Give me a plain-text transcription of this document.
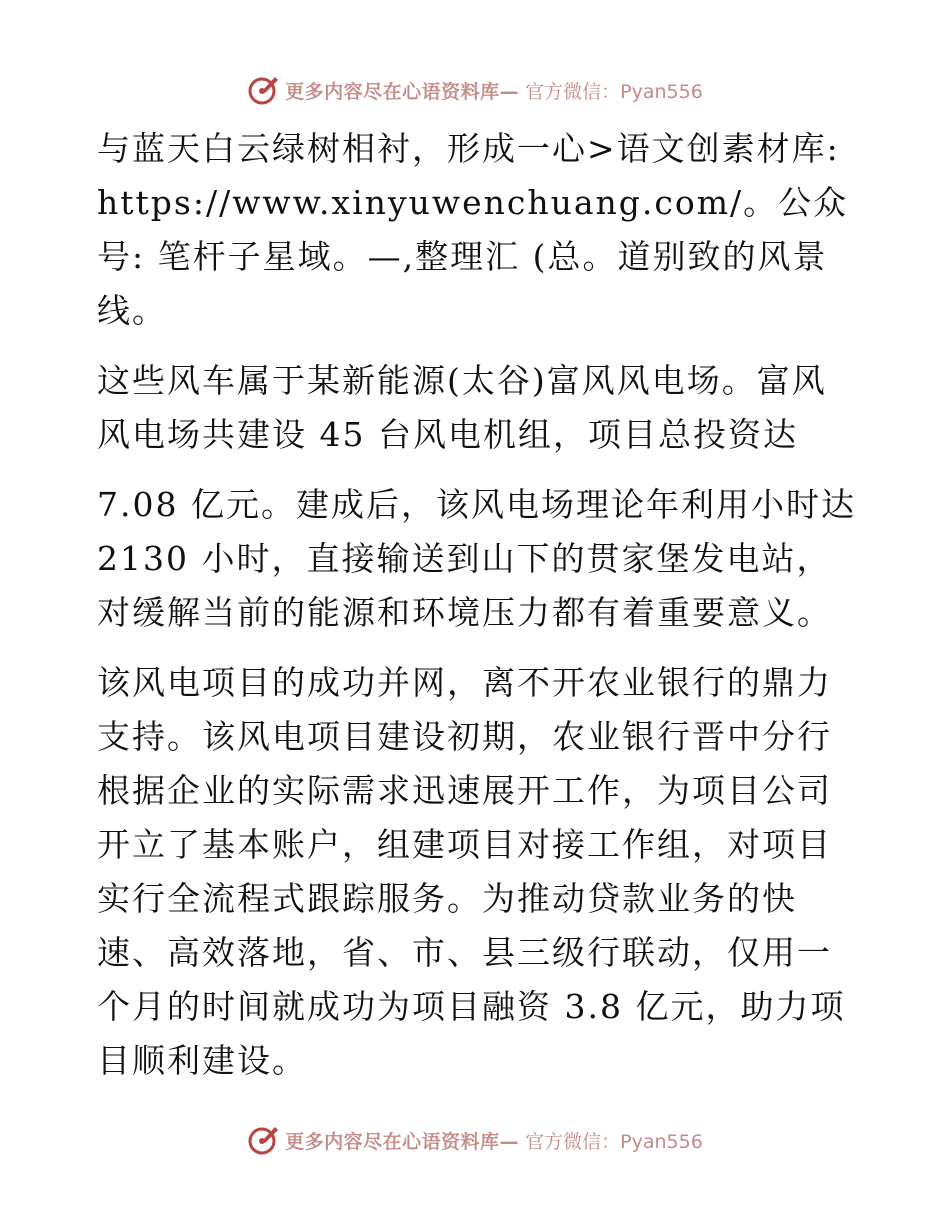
更多内容尽在心语资料库— 官方微信：Pyan556

与蓝天白云绿树相衬，形成一心>语文创素材库: https://www.xinyuwenchuang.com/。公众号: 笔杆子星域。—,整理汇 (总。道别致的风景线。

这些风车属于某新能源(太谷)富风风电场。富风风电场共建设 45 台风电机组，项目总投资达

7.08 亿元。建成后，该风电场理论年利用小时达 2130 小时，直接输送到山下的贯家堡发电站，对缓解当前的能源和环境压力都有着重要意义。

该风电项目的成功并网，离不开农业银行的鼎力支持。该风电项目建设初期，农业银行晋中分行根据企业的实际需求迅速展开工作，为项目公司开立了基本账户，组建项目对接工作组，对项目实行全流程式跟踪服务。为推动贷款业务的快速、高效落地，省、市、县三级行联动，仅用一个月的时间就成功为项目融资 3.8 亿元，助力项目顺利建设。

更多内容尽在心语资料库— 官方微信：Pyan556
